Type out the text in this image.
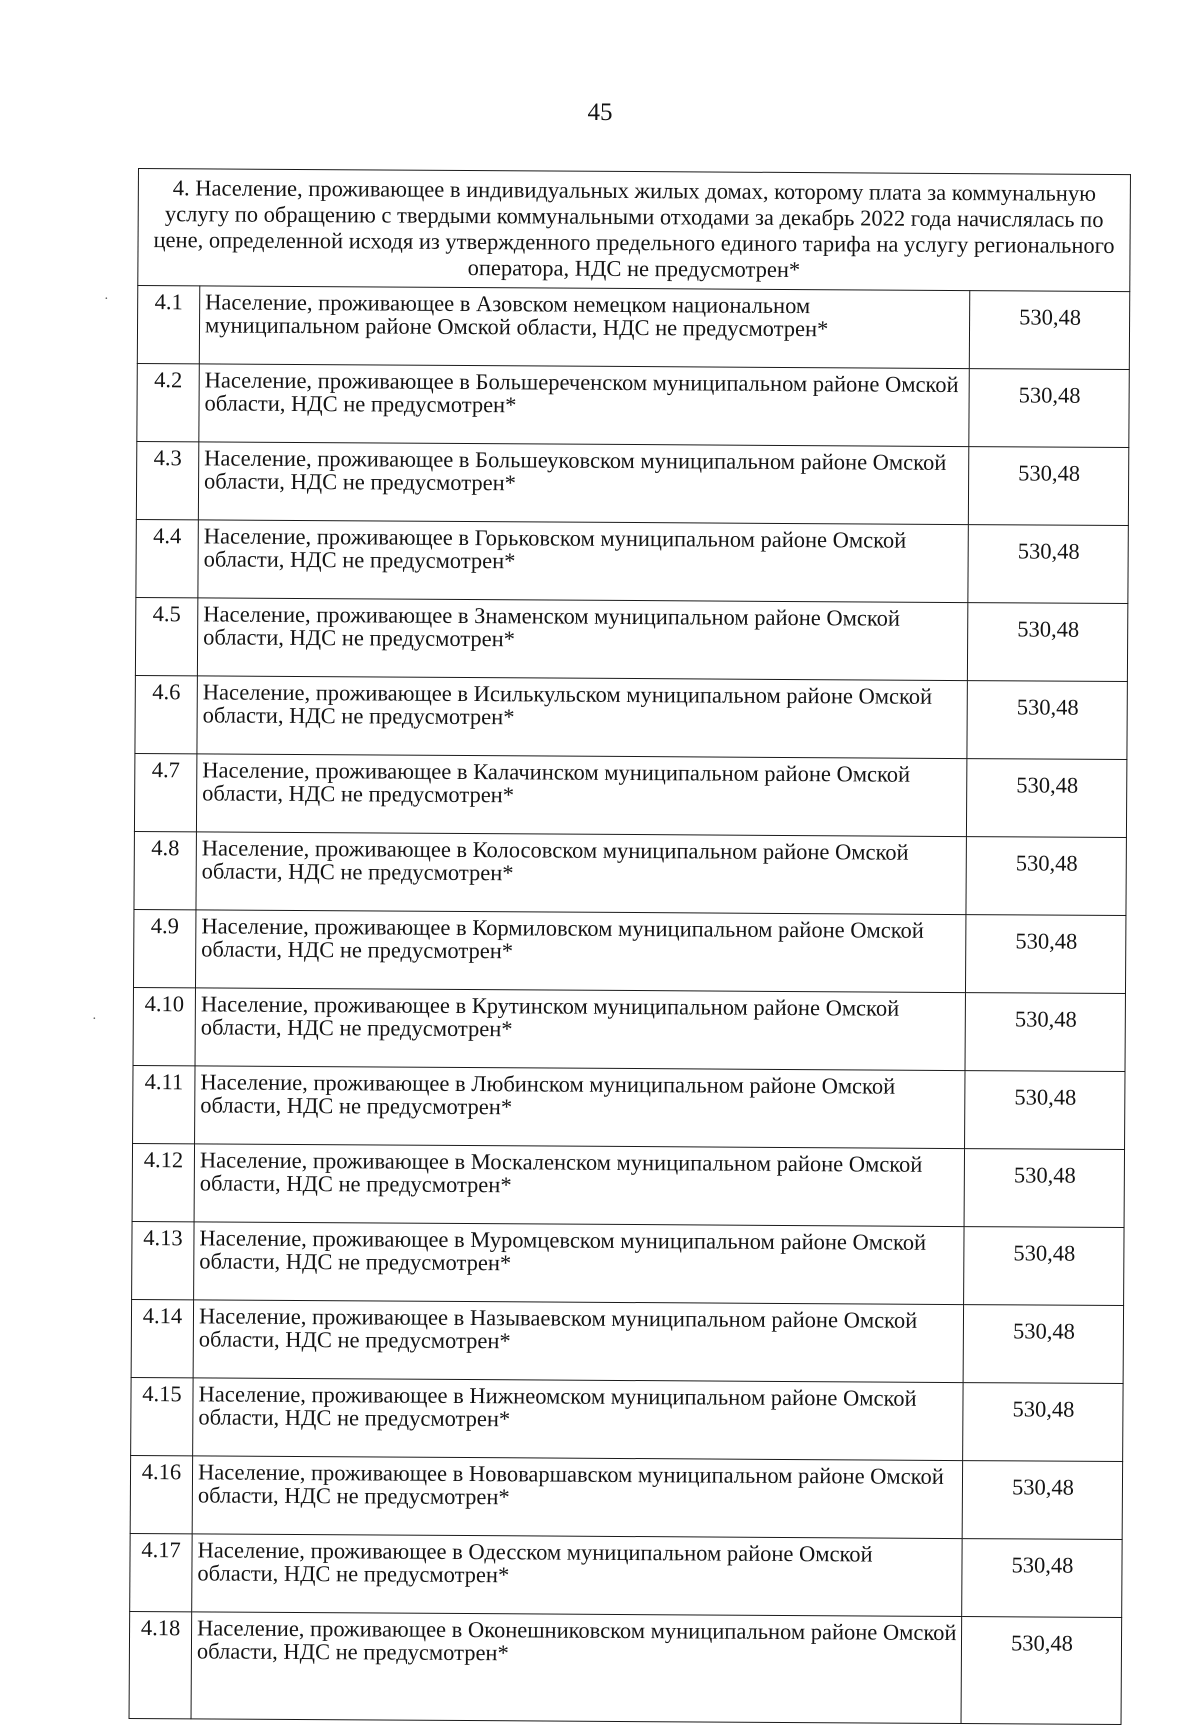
45
4. Население, проживающее в индивидуальных жилых домах, которому плата за коммунальную услугу по обращению с твердыми коммунальными отходами за декабрь 2022 года начислялась по цене, определенной исходя из утвержденного предельного единого тарифа на услугу регионального оператора, НДС не предусмотрен*		
4.1	Население, проживающее в Азовском немецком национальном муниципальном районе Омской области, НДС не предусмотрен*	530,48
4.2	Население, проживающее в Большереченском муниципальном районе Омской области, НДС не предусмотрен*	530,48
4.3	Население, проживающее в Большеуковском муниципальном районе Омской области, НДС не предусмотрен*	530,48
4.4	Население, проживающее в Горьковском муниципальном районе Омской области, НДС не предусмотрен*	530,48
4.5	Население, проживающее в Знаменском муниципальном районе Омской области, НДС не предусмотрен*	530,48
4.6	Население, проживающее в Исилькульском муниципальном районе Омской области, НДС не предусмотрен*	530,48
4.7	Население, проживающее в Калачинском муниципальном районе Омской области, НДС не предусмотрен*	530,48
4.8	Население, проживающее в Колосовском муниципальном районе Омской области, НДС не предусмотрен*	530,48
4.9	Население, проживающее в Кормиловском муниципальном районе Омской области, НДС не предусмотрен*	530,48
4.10	Население, проживающее в Крутинском муниципальном районе Омской области, НДС не предусмотрен*	530,48
4.11	Население, проживающее в Любинском муниципальном районе Омской области, НДС не предусмотрен*	530,48
4.12	Население, проживающее в Москаленском муниципальном районе Омской области, НДС не предусмотрен*	530,48
4.13	Население, проживающее в Муромцевском муниципальном районе Омской области, НДС не предусмотрен*	530,48
4.14	Население, проживающее в Называевском муниципальном районе Омской области, НДС не предусмотрен*	530,48
4.15	Население, проживающее в Нижнеомском муниципальном районе Омской области, НДС не предусмотрен*	530,48
4.16	Население, проживающее в Нововаршавском муниципальном районе Омской области, НДС не предусмотрен*	530,48
4.17	Население, проживающее в Одесском муниципальном районе Омской области, НДС не предусмотрен*	530,48
4.18	Население, проживающее в Оконешниковском муниципальном районе Омской области, НДС не предусмотрен*	530,48
·
·
